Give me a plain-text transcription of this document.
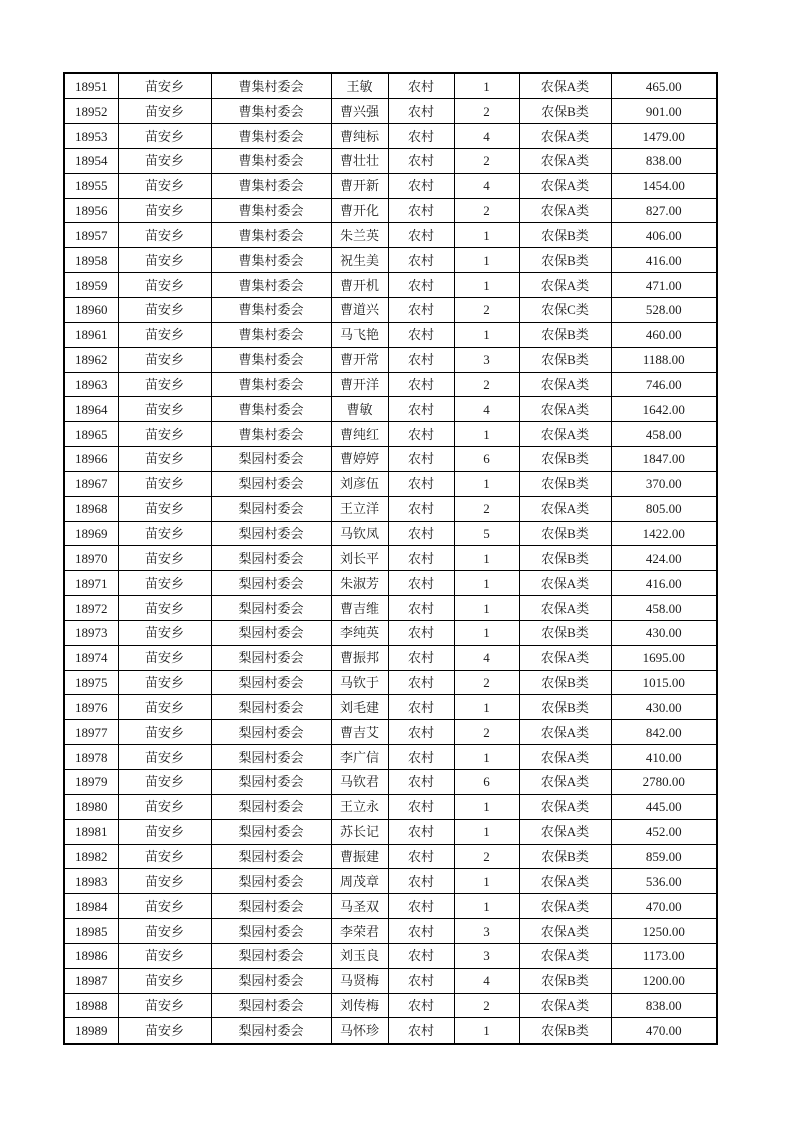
18951	苗安乡	曹集村委会	王敏	农村	1	农保A类	465.00
18952	苗安乡	曹集村委会	曹兴强	农村	2	农保B类	901.00
18953	苗安乡	曹集村委会	曹纯标	农村	4	农保A类	1479.00
18954	苗安乡	曹集村委会	曹壮壮	农村	2	农保A类	838.00
18955	苗安乡	曹集村委会	曹开新	农村	4	农保A类	1454.00
18956	苗安乡	曹集村委会	曹开化	农村	2	农保A类	827.00
18957	苗安乡	曹集村委会	朱兰英	农村	1	农保B类	406.00
18958	苗安乡	曹集村委会	祝生美	农村	1	农保B类	416.00
18959	苗安乡	曹集村委会	曹开机	农村	1	农保A类	471.00
18960	苗安乡	曹集村委会	曹道兴	农村	2	农保C类	528.00
18961	苗安乡	曹集村委会	马飞艳	农村	1	农保B类	460.00
18962	苗安乡	曹集村委会	曹开常	农村	3	农保B类	1188.00
18963	苗安乡	曹集村委会	曹开洋	农村	2	农保A类	746.00
18964	苗安乡	曹集村委会	曹敏	农村	4	农保A类	1642.00
18965	苗安乡	曹集村委会	曹纯红	农村	1	农保A类	458.00
18966	苗安乡	梨园村委会	曹婷婷	农村	6	农保B类	1847.00
18967	苗安乡	梨园村委会	刘彦伍	农村	1	农保B类	370.00
18968	苗安乡	梨园村委会	王立洋	农村	2	农保A类	805.00
18969	苗安乡	梨园村委会	马钦凤	农村	5	农保B类	1422.00
18970	苗安乡	梨园村委会	刘长平	农村	1	农保B类	424.00
18971	苗安乡	梨园村委会	朱淑芳	农村	1	农保A类	416.00
18972	苗安乡	梨园村委会	曹吉维	农村	1	农保A类	458.00
18973	苗安乡	梨园村委会	李纯英	农村	1	农保B类	430.00
18974	苗安乡	梨园村委会	曹振邦	农村	4	农保A类	1695.00
18975	苗安乡	梨园村委会	马钦于	农村	2	农保B类	1015.00
18976	苗安乡	梨园村委会	刘毛建	农村	1	农保B类	430.00
18977	苗安乡	梨园村委会	曹吉艾	农村	2	农保A类	842.00
18978	苗安乡	梨园村委会	李广信	农村	1	农保A类	410.00
18979	苗安乡	梨园村委会	马钦君	农村	6	农保A类	2780.00
18980	苗安乡	梨园村委会	王立永	农村	1	农保A类	445.00
18981	苗安乡	梨园村委会	苏长记	农村	1	农保A类	452.00
18982	苗安乡	梨园村委会	曹振建	农村	2	农保B类	859.00
18983	苗安乡	梨园村委会	周茂章	农村	1	农保A类	536.00
18984	苗安乡	梨园村委会	马圣双	农村	1	农保A类	470.00
18985	苗安乡	梨园村委会	李荣君	农村	3	农保A类	1250.00
18986	苗安乡	梨园村委会	刘玉良	农村	3	农保A类	1173.00
18987	苗安乡	梨园村委会	马贤梅	农村	4	农保B类	1200.00
18988	苗安乡	梨园村委会	刘传梅	农村	2	农保A类	838.00
18989	苗安乡	梨园村委会	马怀珍	农村	1	农保B类	470.00
